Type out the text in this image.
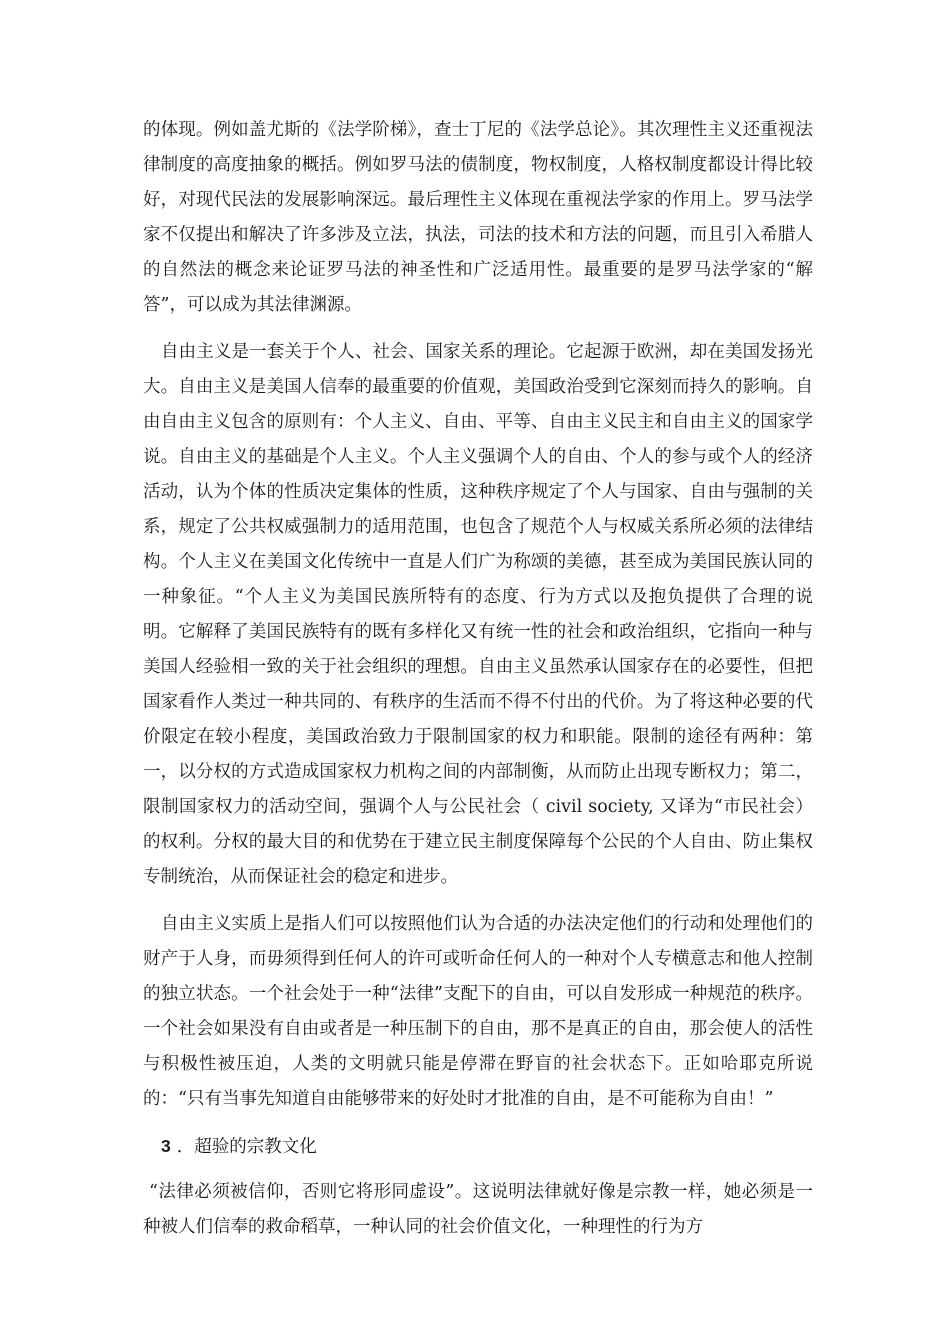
的体现。例如盖尤斯的《法学阶梯》，查士丁尼的《法学总论》。其次理性主义还重视法律制度的高度抽象的概括。例如罗马法的债制度，物权制度，人格权制度都设计得比较好，对现代民法的发展影响深远。最后理性主义体现在重视法学家的作用上。罗马法学家不仅提出和解决了许多涉及立法，执法，司法的技术和方法的问题，而且引入希腊人的自然法的概念来论证罗马法的神圣性和广泛适用性。最重要的是罗马法学家的“解答”，可以成为其法律渊源。

自由主义是一套关于个人、社会、国家关系的理论。它起源于欧洲，却在美国发扬光大。自由主义是美国人信奉的最重要的价值观，美国政治受到它深刻而持久的影响。自由自由主义包含的原则有：个人主义、自由、平等、自由主义民主和自由主义的国家学说。自由主义的基础是个人主义。个人主义强调个人的自由、个人的参与或个人的经济活动，认为个体的性质决定集体的性质，这种秩序规定了个人与国家、自由与强制的关系，规定了公共权威强制力的适用范围，也包含了规范个人与权威关系所必须的法律结构。个人主义在美国文化传统中一直是人们广为称颂的美德，甚至成为美国民族认同的一种象征。“个人主义为美国民族所特有的态度、行为方式以及抱负提供了合理的说明。它解释了美国民族特有的既有多样化又有统一性的社会和政治组织，它指向一种与美国人经验相一致的关于社会组织的理想。自由主义虽然承认国家存在的必要性，但把国家看作人类过一种共同的、有秩序的生活而不得不付出的代价。为了将这种必要的代价限定在较小程度，美国政治致力于限制国家的权力和职能。限制的途径有两种：第一，以分权的方式造成国家权力机构之间的内部制衡，从而防止出现专断权力；第二，限制国家权力的活动空间，强调个人与公民社会（ civil society, 又译为“市民社会）的权利。分权的最大目的和优势在于建立民主制度保障每个公民的个人自由、防止集权专制统治，从而保证社会的稳定和进步。

自由主义实质上是指人们可以按照他们认为合适的办法决定他们的行动和处理他们的财产于人身，而毋须得到任何人的许可或听命任何人的一种对个人专横意志和他人控制的独立状态。一个社会处于一种“法律”支配下的自由，可以自发形成一种规范的秩序。一个社会如果没有自由或者是一种压制下的自由，那不是真正的自由，那会使人的活性与积极性被压迫，人类的文明就只能是停滞在野盲的社会状态下。正如哈耶克所说的：“只有当事先知道自由能够带来的好处时才批准的自由，是不可能称为自由！”

3 ．超验的宗教文化

“法律必须被信仰，否则它将形同虚设”。这说明法律就好像是宗教一样，她必须是一种被人们信奉的救命稻草，一种认同的社会价值文化，一种理性的行为方
